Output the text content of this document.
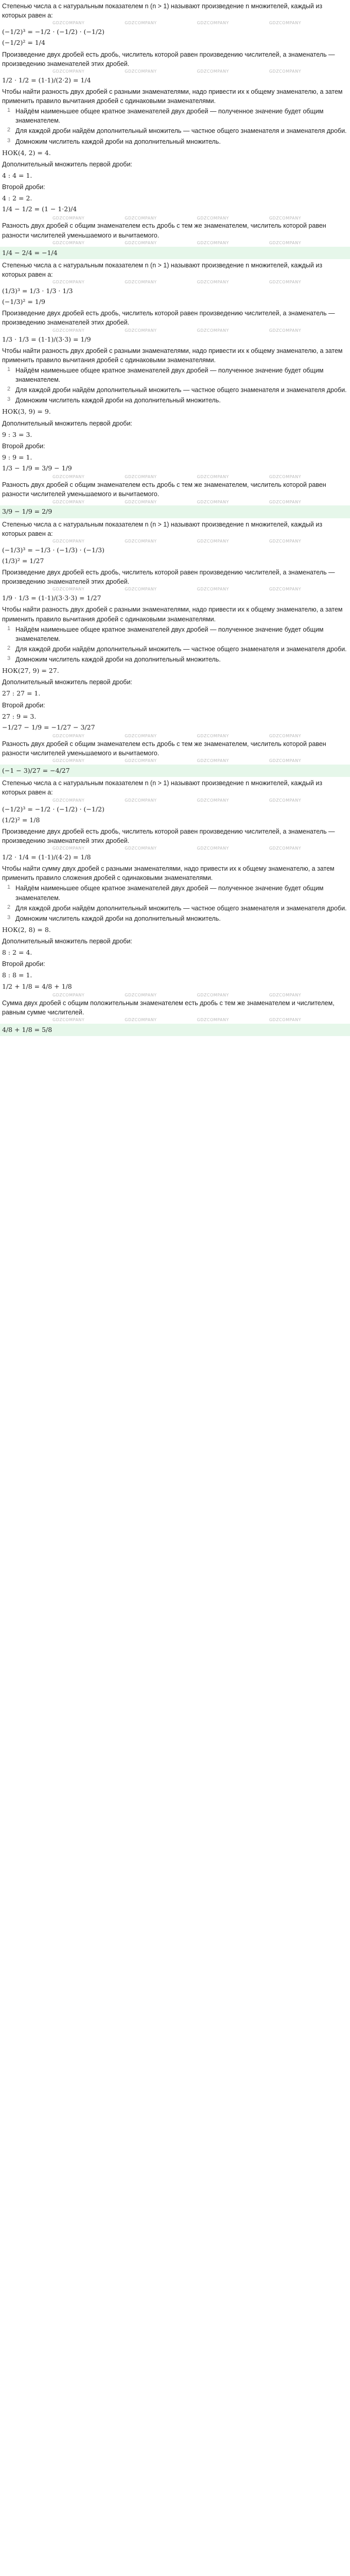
Степенью числа a с натуральным показателем n (n > 1) называют произведение n множителей, каждый из которых равен a:

GDZCOMPANY	GDZCOMPANY	GDZCOMPANY	GDZCOMPANY
(−1/2)³ = −1/2 · (−1/2) · (−1/2)
(−1/2)² = 1/4

Произведение двух дробей есть дробь, числитель которой равен произведению числителей, а знаменатель — произведению знаменателей этих дробей.

GDZCOMPANY	GDZCOMPANY	GDZCOMPANY	GDZCOMPANY
1/2 · 1/2 = (1·1)/(2·2) = 1/4

Чтобы найти разность двух дробей с разными знаменателями, надо привести их к общему знаменателю, а затем применить правило вычитания дробей с одинаковыми знаменателями.

1 Найдём наименьшее общее кратное знаменателей двух дробей — полученное значение будет общим знаменателем.
2 Для каждой дроби найдём дополнительный множитель — частное общего знаменателя и знаменателя дроби.
3 Домножим числитель каждой дроби на дополнительный множитель.
НОК(4, 2) = 4.

Дополнительный множитель первой дроби:

4 : 4 = 1.

Второй дроби:

4 : 2 = 2.
1/4 − 1/2 = (1 − 1·2)/4
GDZCOMPANY	GDZCOMPANY	GDZCOMPANY	GDZCOMPANY

Разность двух дробей с общим знаменателем есть дробь с тем же знаменателем, числитель которой равен разности числителей уменьшаемого и вычитаемого.

GDZCOMPANY	GDZCOMPANY	GDZCOMPANY	GDZCOMPANY
1/4 − 2/4 = −1/4

Степенью числа a с натуральным показателем n (n > 1) называют произведение n множителей, каждый из которых равен a:

GDZCOMPANY	GDZCOMPANY	GDZCOMPANY	GDZCOMPANY
(1/3)³ = 1/3 · 1/3 · 1/3
(−1/3)² = 1/9

Произведение двух дробей есть дробь, числитель которой равен произведению числителей, а знаменатель — произведению знаменателей этих дробей.

GDZCOMPANY	GDZCOMPANY	GDZCOMPANY	GDZCOMPANY
1/3 · 1/3 = (1·1)/(3·3) = 1/9

Чтобы найти разность двух дробей с разными знаменателями, надо привести их к общему знаменателю, а затем применить правило вычитания дробей с одинаковыми знаменателями.

1 Найдём наименьшее общее кратное знаменателей двух дробей — полученное значение будет общим знаменателем.
2 Для каждой дроби найдём дополнительный множитель — частное общего знаменателя и знаменателя дроби.
3 Домножим числитель каждой дроби на дополнительный множитель.
НОК(3, 9) = 9.

Дополнительный множитель первой дроби:

9 : 3 = 3.

Второй дроби:

9 : 9 = 1.
1/3 − 1/9 = 3/9 − 1/9
GDZCOMPANY	GDZCOMPANY	GDZCOMPANY	GDZCOMPANY

Разность двух дробей с общим знаменателем есть дробь с тем же знаменателем, числитель которой равен разности числителей уменьшаемого и вычитаемого.

GDZCOMPANY	GDZCOMPANY	GDZCOMPANY	GDZCOMPANY
3/9 − 1/9 = 2/9

Степенью числа a с натуральным показателем n (n > 1) называют произведение n множителей, каждый из которых равен a:

GDZCOMPANY	GDZCOMPANY	GDZCOMPANY	GDZCOMPANY
(−1/3)³ = −1/3 · (−1/3) · (−1/3)
(1/3)² = 1/27

Произведение двух дробей есть дробь, числитель которой равен произведению числителей, а знаменатель — произведению знаменателей этих дробей.

GDZCOMPANY	GDZCOMPANY	GDZCOMPANY	GDZCOMPANY
1/9 · 1/3 = (1·1)/(3·3·3) = 1/27

Чтобы найти разность двух дробей с разными знаменателями, надо привести их к общему знаменателю, а затем применить правило вычитания дробей с одинаковыми знаменателями.

1 Найдём наименьшее общее кратное знаменателей двух дробей — полученное значение будет общим знаменателем.
2 Для каждой дроби найдём дополнительный множитель — частное общего знаменателя и знаменателя дроби.
3 Домножим числитель каждой дроби на дополнительный множитель.
НОК(27, 9) = 27.

Дополнительный множитель первой дроби:

27 : 27 = 1.

Второй дроби:

27 : 9 = 3.
−1/27 − 1/9 = −1/27 − 3/27
GDZCOMPANY	GDZCOMPANY	GDZCOMPANY	GDZCOMPANY

Разность двух дробей с общим знаменателем есть дробь с тем же знаменателем, числитель которой равен разности числителей уменьшаемого и вычитаемого.

GDZCOMPANY	GDZCOMPANY	GDZCOMPANY	GDZCOMPANY
(−1 − 3)/27 = −4/27

Степенью числа a с натуральным показателем n (n > 1) называют произведение n множителей, каждый из которых равен a:

GDZCOMPANY	GDZCOMPANY	GDZCOMPANY	GDZCOMPANY
(−1/2)³ = −1/2 · (−1/2) · (−1/2)
(1/2)² = 1/8

Произведение двух дробей есть дробь, числитель которой равен произведению числителей, а знаменатель — произведению знаменателей этих дробей.

GDZCOMPANY	GDZCOMPANY	GDZCOMPANY	GDZCOMPANY
1/2 · 1/4 = (1·1)/(4·2) = 1/8

Чтобы найти сумму двух дробей с разными знаменателями, надо привести их к общему знаменателю, а затем применить правило сложения дробей с одинаковыми знаменателями.

1 Найдём наименьшее общее кратное знаменателей двух дробей — полученное значение будет общим знаменателем.
2 Для каждой дроби найдём дополнительный множитель — частное общего знаменателя и знаменателя дроби.
3 Домножим числитель каждой дроби на дополнительный множитель.
НОК(2, 8) = 8.

Дополнительный множитель первой дроби:

8 : 2 = 4.

Второй дроби:

8 : 8 = 1.
1/2 + 1/8 = 4/8 + 1/8
GDZCOMPANY	GDZCOMPANY	GDZCOMPANY	GDZCOMPANY

Сумма двух дробей с общим положительным знаменателем есть дробь с тем же знаменателем и числителем, равным сумме числителей.

GDZCOMPANY	GDZCOMPANY	GDZCOMPANY	GDZCOMPANY
4/8 + 1/8 = 5/8
